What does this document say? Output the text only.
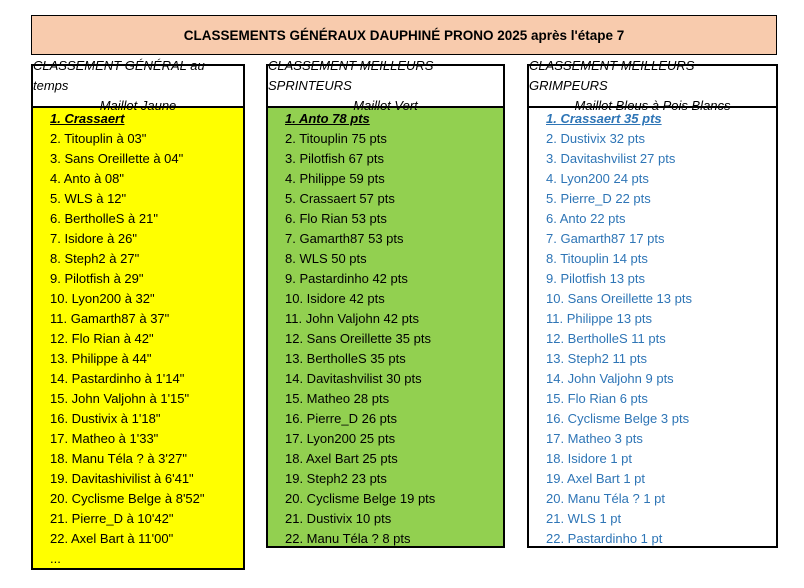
CLASSEMENTS GÉNÉRAUX DAUPHINÉ PRONO 2025 après l'étape 7
CLASSEMENT GÉNÉRAL au temps
Maillot Jaune
1. Crassaert
2. Titouplin à 03"
3. Sans Oreillette à 04"
4. Anto à 08"
5. WLS à 12"
6. BertholleS à 21"
7. Isidore à 26"
8. Steph2 à 27"
9. Pilotfish à 29"
10. Lyon200 à 32"
11. Gamarth87 à 37"
12. Flo Rian à 42"
13. Philippe à 44"
14. Pastardinho à 1'14"
15. John Valjohn à 1'15"
16. Dustivix à 1'18"
17. Matheo à 1'33"
18. Manu Téla ? à 3'27"
19. Davitashivilist à 6'41"
20. Cyclisme Belge à 8'52"
21. Pierre_D à 10'42"
22. Axel Bart à 11'00"
...
CLASSEMENT MEILLEURS SPRINTEURS
Maillot Vert
1. Anto 78 pts
2. Titouplin 75 pts
3. Pilotfish 67 pts
4. Philippe 59 pts
5. Crassaert 57 pts
6. Flo Rian 53 pts
7. Gamarth87 53 pts
8. WLS 50 pts
9. Pastardinho 42 pts
10. Isidore 42 pts
11. John Valjohn 42 pts
12. Sans Oreillette 35 pts
13. BertholleS 35 pts
14. Davitashvilist 30 pts
15. Matheo 28 pts
16. Pierre_D 26 pts
17. Lyon200 25 pts
18. Axel Bart 25 pts
19. Steph2 23 pts
20. Cyclisme Belge 19 pts
21. Dustivix 10 pts
22. Manu Téla ? 8 pts
CLASSEMENT MEILLEURS GRIMPEURS
Maillot Bleus à Pois Blancs
1. Crassaert 35 pts
2. Dustivix 32 pts
3. Davitashvilist 27 pts
4. Lyon200 24 pts
5. Pierre_D 22 pts
6. Anto 22 pts
7. Gamarth87 17 pts
8. Titouplin 14 pts
9. Pilotfish 13 pts
10. Sans Oreillette 13 pts
11. Philippe 13 pts
12. BertholleS 11 pts
13. Steph2 11 pts
14. John Valjohn 9 pts
15. Flo Rian 6 pts
16. Cyclisme Belge 3 pts
17. Matheo 3 pts
18. Isidore 1 pt
19. Axel Bart 1 pt
20. Manu Téla ? 1 pt
21. WLS 1 pt
22. Pastardinho 1 pt
